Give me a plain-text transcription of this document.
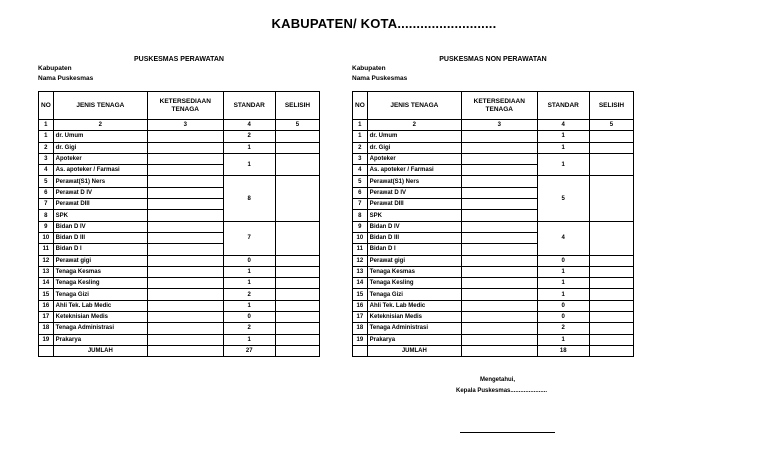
KABUPATEN/ KOTA..........................
PUSKESMAS PERAWATAN
Kabupaten
Nama Puskesmas
NO	JENIS TENAGA	KETERSEDIAAN TENAGA	STANDAR	SELISIH
1	2	3	4	5
1	dr. Umum		2	
2	dr. Gigi		1	
3	Apoteker		1	
4	As. apoteker / Farmasi			
5	Perawat(S1) Ners		8	
6	Perawat D IV			
7	Perawat DIII			
8	SPK			
9	Bidan D IV		7	
10	Bidan D III			
11	Bidan D I			
12	Perawat gigi		0	
13	Tenaga Kesmas		1	
14	Tenaga Kesling		1	
15	Tenaga Gizi		2	
16	Ahli Tek. Lab Medic		1	
17	Keteknisian Medis		0	
18	Tenaga Administrasi		2	
19	Prakarya		1	
	JUMLAH		27	
PUSKESMAS NON PERAWATAN
Kabupaten
Nama Puskesmas
NO	JENIS TENAGA	KETERSEDIAAN TENAGA	STANDAR	SELISIH
1	2	3	4	5
1	dr. Umum		1	
2	dr. Gigi		1	
3	Apoteker		1	
4	As. apoteker / Farmasi			
5	Perawat(S1) Ners		5	
6	Perawat D IV			
7	Perawat DIII			
8	SPK			
9	Bidan D IV		4	
10	Bidan D III			
11	Bidan D I			
12	Perawat gigi		0	
13	Tenaga Kesmas		1	
14	Tenaga Kesling		1	
15	Tenaga Gizi		1	
16	Ahli Tek. Lab Medic		0	
17	Keteknisian Medis		0	
18	Tenaga Administrasi		2	
19	Prakarya		1	
	JUMLAH		18	
Mengetahui,
Kepala Puskesmas......................
